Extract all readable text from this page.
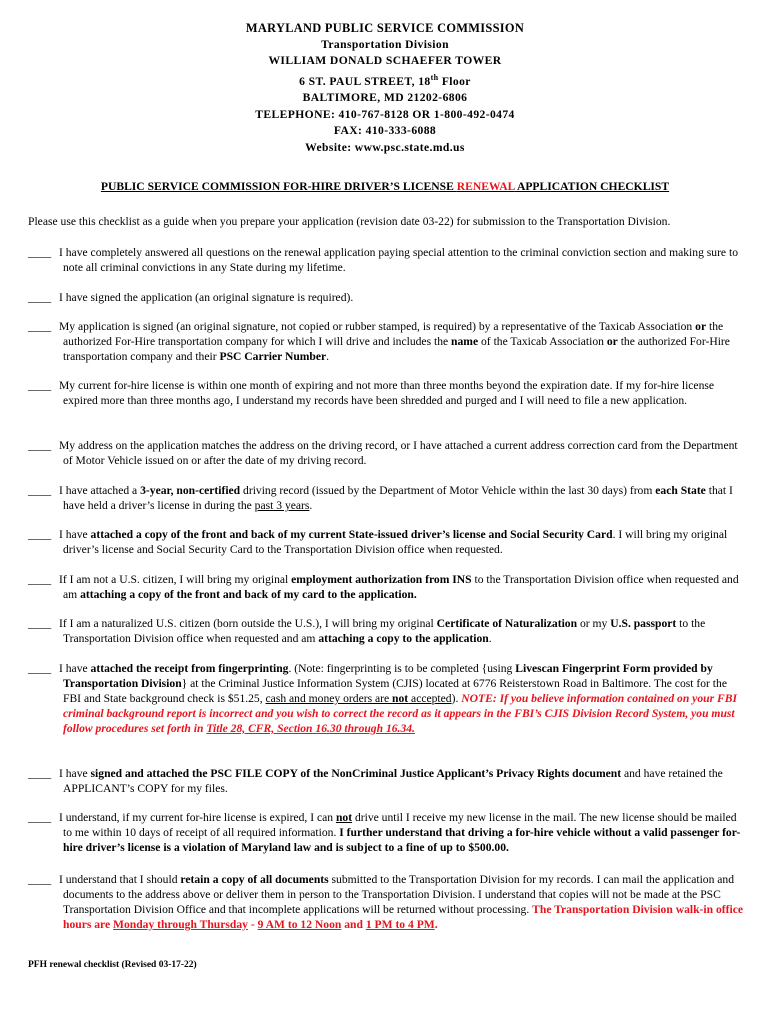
MARYLAND PUBLIC SERVICE COMMISSION
Transportation Division
WILLIAM DONALD SCHAEFER TOWER
6 ST. PAUL STREET, 18th Floor
BALTIMORE, MD 21202-6806
TELEPHONE: 410-767-8128 OR 1-800-492-0474
FAX: 410-333-6088
Website: www.psc.state.md.us
PUBLIC SERVICE COMMISSION FOR-HIRE DRIVER’S LICENSE RENEWAL APPLICATION CHECKLIST
Please use this checklist as a guide when you prepare your application (revision date 03-22) for submission to the Transportation Division.
____ I have completely answered all questions on the renewal application paying special attention to the criminal conviction section and making sure to note all criminal convictions in any State during my lifetime.
____ I have signed the application (an original signature is required).
____ My application is signed (an original signature, not copied or rubber stamped, is required) by a representative of the Taxicab Association or the authorized For-Hire transportation company for which I will drive and includes the name of the Taxicab Association or the authorized For-Hire transportation company and their PSC Carrier Number.
____ My current for-hire license is within one month of expiring and not more than three months beyond the expiration date. If my for-hire license expired more than three months ago, I understand my records have been shredded and purged and I will need to file a new application.
____ My address on the application matches the address on the driving record, or I have attached a current address correction card from the Department of Motor Vehicle issued on or after the date of my driving record.
____ I have attached a 3-year, non-certified driving record (issued by the Department of Motor Vehicle within the last 30 days) from each State that I have held a driver’s license in during the past 3 years.
____ I have attached a copy of the front and back of my current State-issued driver’s license and Social Security Card. I will bring my original driver’s license and Social Security Card to the Transportation Division office when requested.
____ If I am not a U.S. citizen, I will bring my original employment authorization from INS to the Transportation Division office when requested and am attaching a copy of the front and back of my card to the application.
____ If I am a naturalized U.S. citizen (born outside the U.S.), I will bring my original Certificate of Naturalization or my U.S. passport to the Transportation Division office when requested and am attaching a copy to the application.
____ I have attached the receipt from fingerprinting. (Note: fingerprinting is to be completed {using Livescan Fingerprint Form provided by Transportation Division} at the Criminal Justice Information System (CJIS) located at 6776 Reisterstown Road in Baltimore. The cost for the FBI and State background check is $51.25, cash and money orders are not accepted). NOTE: If you believe information contained on your FBI criminal background report is incorrect and you wish to correct the record as it appears in the FBI’s CJIS Division Record System, you must follow procedures set forth in Title 28, CFR, Section 16.30 through 16.34.
____ I have signed and attached the PSC FILE COPY of the NonCriminal Justice Applicant’s Privacy Rights document and have retained the APPLICANT’s COPY for my files.
____ I understand, if my current for-hire license is expired, I can not drive until I receive my new license in the mail. The new license should be mailed to me within 10 days of receipt of all required information. I further understand that driving a for-hire vehicle without a valid passenger for-hire driver’s license is a violation of Maryland law and is subject to a fine of up to $500.00.
____ I understand that I should retain a copy of all documents submitted to the Transportation Division for my records. I can mail the application and documents to the address above or deliver them in person to the Transportation Division. I understand that copies will not be made at the PSC Transportation Division Office and that incomplete applications will be returned without processing. The Transportation Division walk-in office hours are Monday through Thursday - 9 AM to 12 Noon and 1 PM to 4 PM.
PFH renewal checklist (Revised 03-17-22)
